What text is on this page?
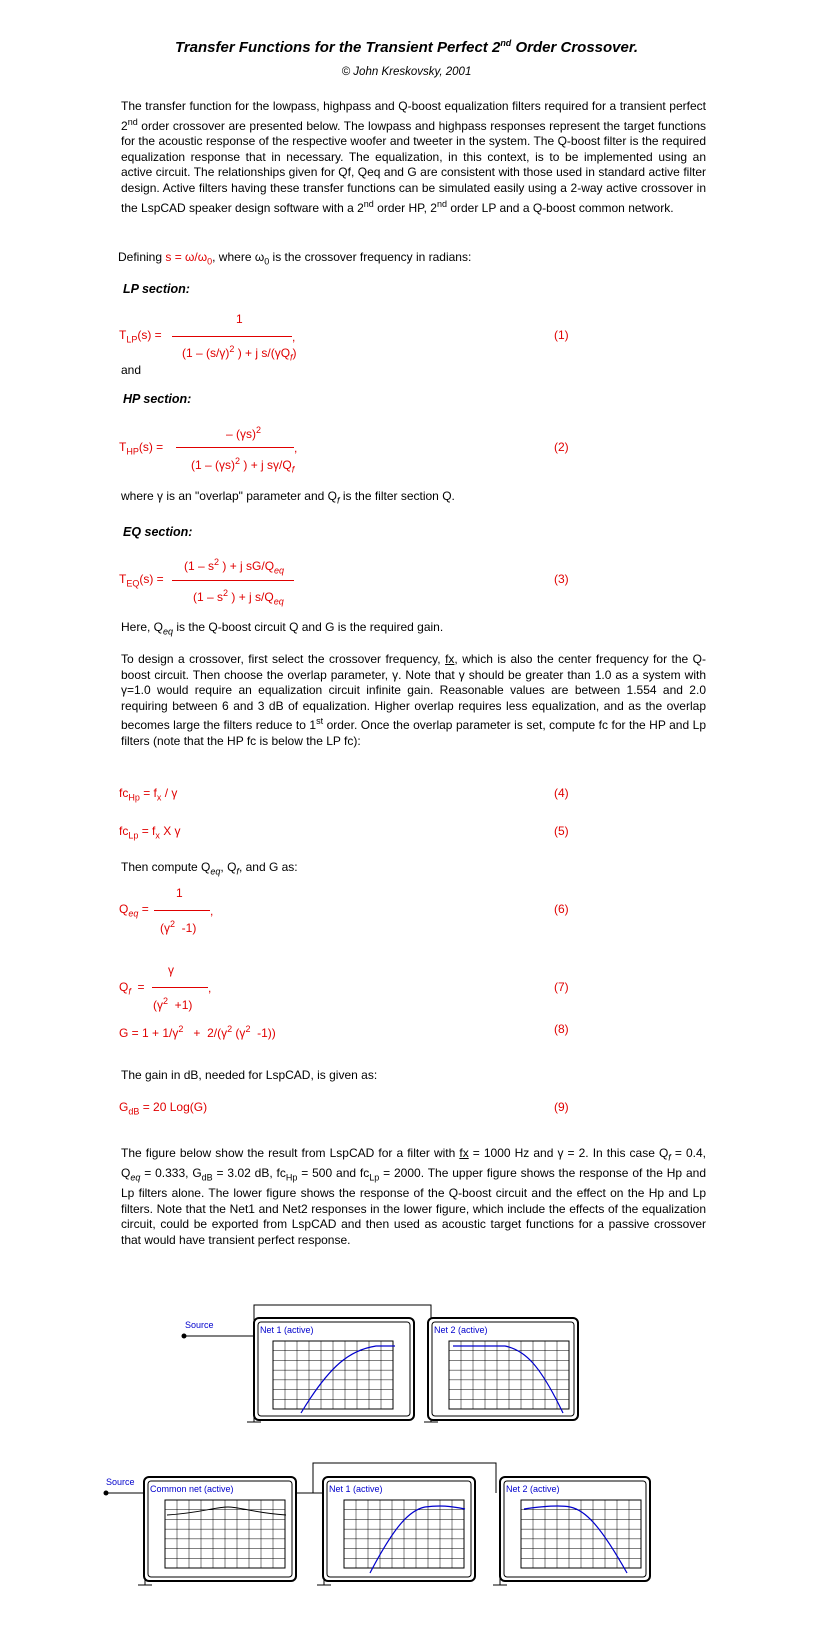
Transfer Functions for the Transient Perfect 2nd Order Crossover.
© John Kreskovsky, 2001
The transfer function for the lowpass, highpass and Q-boost equalization filters required for a transient perfect 2nd order crossover are presented below. The lowpass and highpass responses represent the target functions for the acoustic response of the respective woofer and tweeter in the system. The Q-boost filter is the required equalization response that in necessary. The equalization, in this context, is to be implemented using an active circuit. The relationships given for Qf, Qeq and G are consistent with those used in standard active filter design. Active filters having these transfer functions can be simulated easily using a 2-way active crossover in the LspCAD speaker design software with a 2nd order HP, 2nd order LP and a Q-boost common network.
Defining $s = \omega/\omega_0$, where $\omega_0$ is the crossover frequency in radians:
LP section:
$T_{LP}(s)$ =
1
,
($1 - (s/\gamma)^2$ ) + j $s/(\gamma Q_f)$
(1)
and
HP section:
– $(\gamma s)^2$
$T_{HP}(s)$ =	,
($1 - (\gamma s)^2$ ) + j $s\gamma/Q_f$
(2)
where γ is an "overlap" parameter and $Q_f$ is the filter section Q.
EQ section:
($1 - s^2$ ) + j $sG/Q_{eq}$
$T_{EQ}(s)$ =
($1 - s^2$ ) + j $s/Q_{eq}$
(3)
Here, $Q_{eq}$ is the Q-boost circuit Q and G is the required gain.
To design a crossover, first select the crossover frequency, fx, which is also the center frequency for the Q-boost circuit. Then choose the overlap parameter, γ. Note that γ should be greater than 1.0 as a system with γ=1.0 would require an equalization circuit infinite gain. Reasonable values are between 1.554 and 2.0 requiring between 6 and 3 dB of equalization. Higher overlap requires less equalization, and as the overlap becomes large the filters reduce to 1st order. Once the overlap parameter is set, compute fc for the HP and Lp filters (note that the HP fc is below the LP fc):
$fc_{Hp} = f_x / \gamma$	(4)
$fc_{Lp} = f_x$ X γ	(5)
Then compute $Q_{eq}$, $Q_f$, and G as:
1
$Q_{eq}$ =	,
($\gamma^2$  -1)
(6)
γ
$Q_f$  =	,
$(\gamma^2 +1)$
(7)
$G = 1 + 1/\gamma^2 + 2/(\gamma^2$ ($\gamma^2$  -1))	(8)
The gain in dB, needed for LspCAD, is given as:
$G_{dB} = 20$ Log(G)	(9)
The figure below show the result from LspCAD for a filter with fx = 1000 Hz and γ = 2. In this case $Q_f = 0.4$, $Q_{eq} = 0.333$, $G_{dB} = 3.02$ dB, $fc_{Hp} = 500$ and $fc_{Lp} = 2000$. The upper figure shows the response of the Hp and Lp filters alone. The lower figure shows the response of the Q-boost circuit and the effect on the Hp and Lp filters. Note that the Net1 and Net2 responses in the lower figure, which include the effects of the equalization circuit, could be exported from LspCAD and then used as acoustic target functions for a passive crossover that would have transient perfect response.
Source	Net 1 (active)	Net 2 (active)
Source
Common net (active)	Net 1 (active)	Net 2 (active)
